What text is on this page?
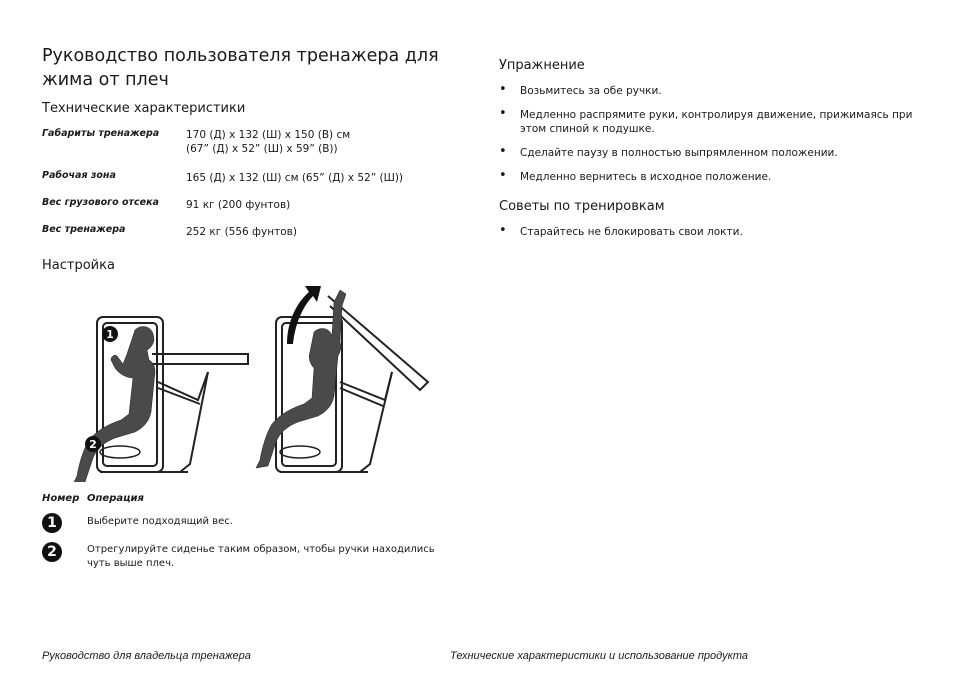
Руководство пользователя тренажера для жима от плеч
Технические характеристики
Габариты тренажера	170 (Д) x 132 (Ш) x 150 (В) см
(67” (Д) x 52” (Ш) x 59” (В))
Рабочая зона	165 (Д) x 132 (Ш) см (65” (Д) x 52” (Ш))
Вес грузового отсека	91 кг (200 фунтов)
Вес тренажера	252 кг (556 фунтов)
Настройка
1
2
Номер Операция
1	Выберите подходящий вес.
2	Отрегулируйте сиденье таким образом, чтобы ручки находились чуть выше плеч.
Упражнение
• Возьмитесь за обе ручки.
• Медленно распрямите руки, контролируя движение, прижимаясь при этом спиной к подушке.
• Сделайте паузу в полностью выпрямленном положении.
• Медленно вернитесь в исходное положение.
Советы по тренировкам
• Старайтесь не блокировать свои локти.
Руководство для владельца тренажера	Технические характеристики и использование продукта
